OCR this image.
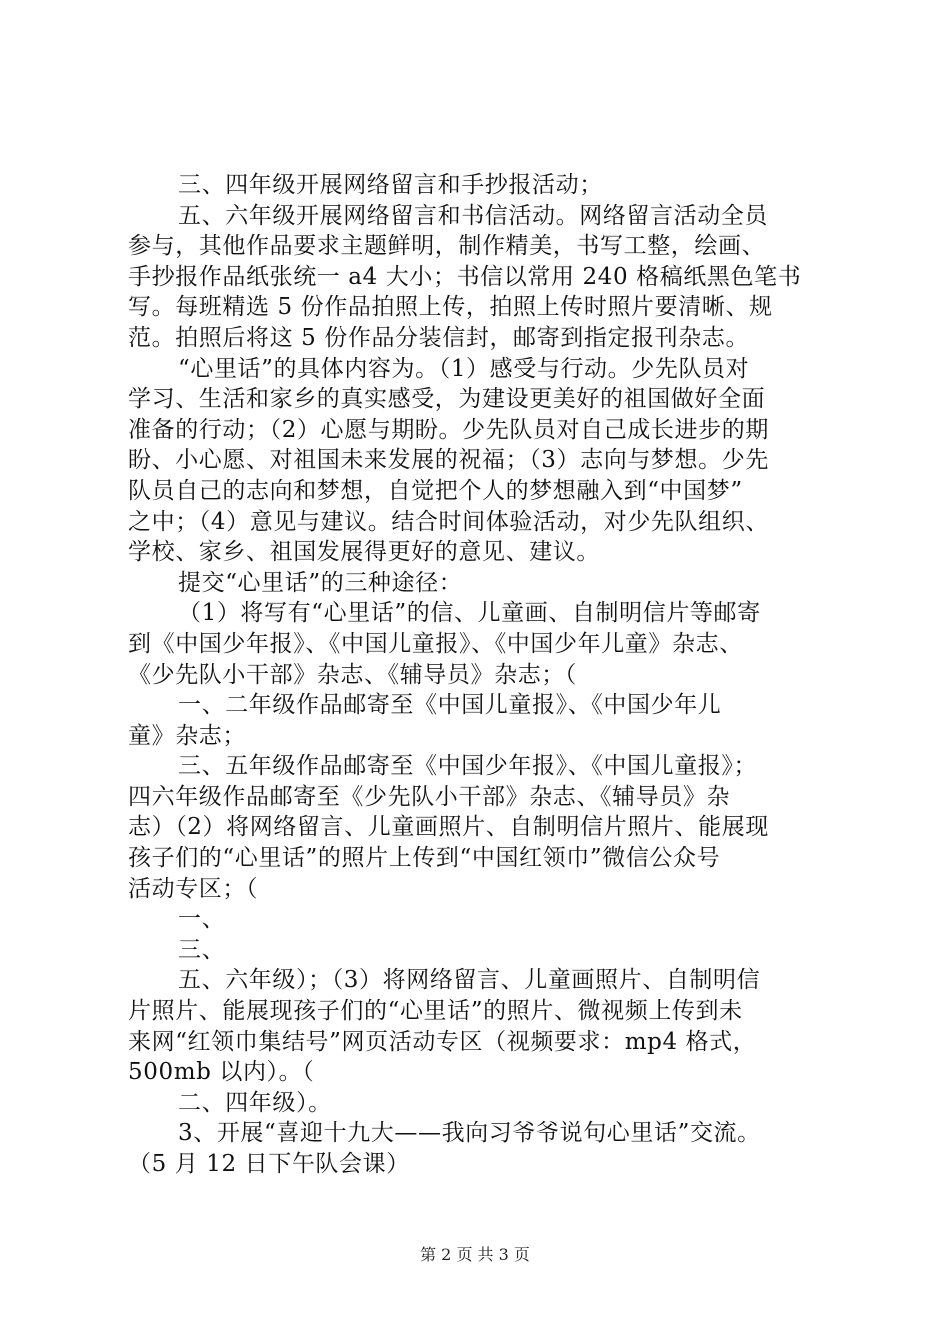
三、四年级开展网络留言和手抄报活动；
五、六年级开展网络留言和书信活动。网络留言活动全员
参与，其他作品要求主题鲜明，制作精美，书写工整，绘画、
手抄报作品纸张统一 a4 大小；书信以常用 240 格稿纸黑色笔书
写。每班精选 5 份作品拍照上传，拍照上传时照片要清晰、规
范。拍照后将这 5 份作品分装信封，邮寄到指定报刊杂志。
“心里话”的具体内容为。（1）感受与行动。少先队员对
学习、生活和家乡的真实感受，为建设更美好的祖国做好全面
准备的行动；（2）心愿与期盼。少先队员对自己成长进步的期
盼、小心愿、对祖国未来发展的祝福；（3）志向与梦想。少先
队员自己的志向和梦想，自觉把个人的梦想融入到“中国梦”
之中；（4）意见与建议。结合时间体验活动，对少先队组织、
学校、家乡、祖国发展得更好的意见、建议。
提交“心里话”的三种途径：
（1）将写有“心里话”的信、儿童画、自制明信片等邮寄
到《中国少年报》、《中国儿童报》、《中国少年儿童》杂志、
《少先队小干部》杂志、《辅导员》杂志；（
一、二年级作品邮寄至《中国儿童报》、《中国少年儿
童》杂志；
三、五年级作品邮寄至《中国少年报》、《中国儿童报》；
四六年级作品邮寄至《少先队小干部》杂志、《辅导员》杂
志）（2）将网络留言、儿童画照片、自制明信片照片、能展现
孩子们的“心里话”的照片上传到“中国红领巾”微信公众号
活动专区；（
一、
三、
五、六年级）；（3）将网络留言、儿童画照片、自制明信
片照片、能展现孩子们的“心里话”的照片、微视频上传到未
来网“红领巾集结号”网页活动专区（视频要求：mp4 格式，
500mb 以内）。（
二、四年级）。
3、开展“喜迎十九大——我向习爷爷说句心里话”交流。
（5 月 12 日下午队会课）
第 2 页 共 3 页
